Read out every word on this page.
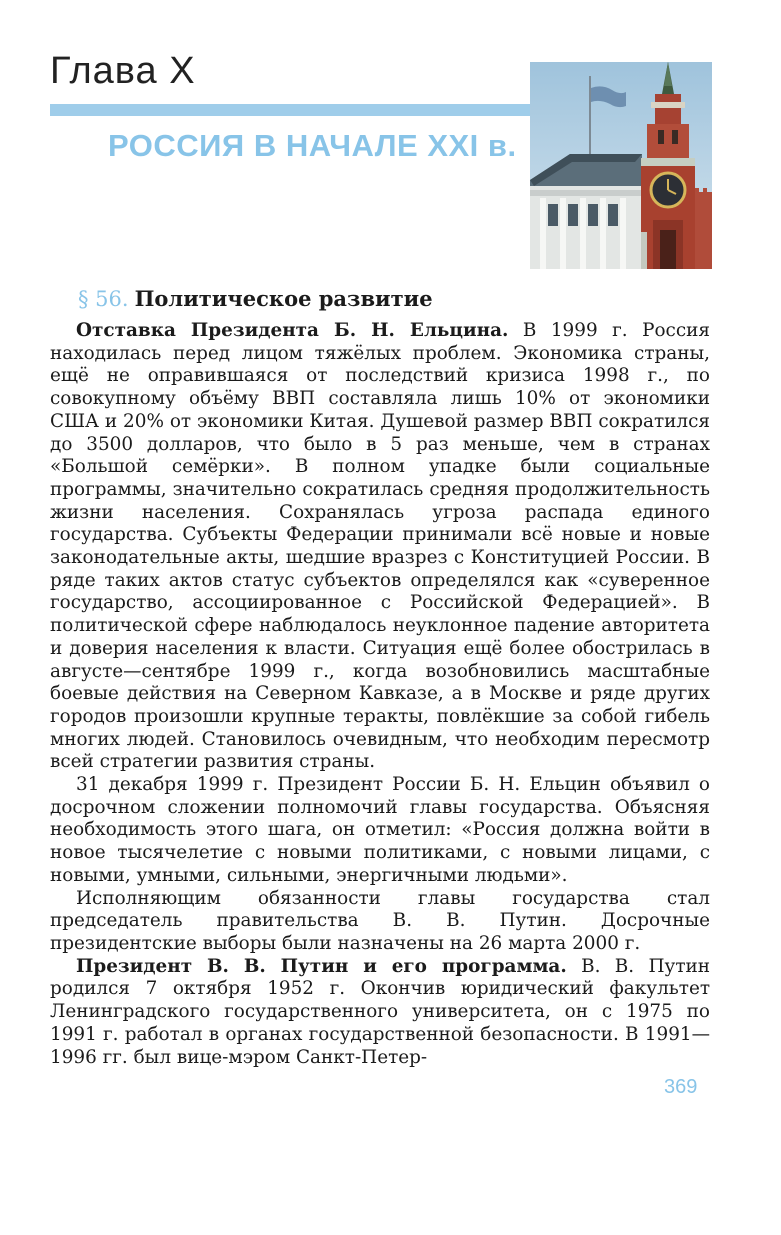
Глава X
РОССИЯ В НАЧАЛЕ XXI в.
§ 56. Политическое развитие

Отставка Президента Б. Н. Ельцина. В 1999 г. Россия находилась перед лицом тяжёлых проблем. Экономика страны, ещё не оправившаяся от последствий кризиса 1998 г., по совокупному объёму ВВП составляла лишь 10% от экономики США и 20% от экономики Китая. Душевой размер ВВП сократился до 3500 долларов, что было в 5 раз меньше, чем в странах «Большой семёрки». В полном упадке были социальные программы, значительно сократилась средняя продолжительность жизни населения. Сохранялась угроза распада единого государства. Субъекты Федерации принимали всё новые и новые законодательные акты, шедшие вразрез с Конституцией России. В ряде таких актов статус субъектов определялся как «суверенное государство, ассоциированное с Российской Федерацией». В политической сфере наблюдалось неуклонное падение авторитета и доверия населения к власти. Ситуация ещё более обострилась в августе—сентябре 1999 г., когда возобновились масштабные боевые действия на Северном Кавказе, а в Москве и ряде других городов произошли крупные теракты, повлёкшие за собой гибель многих людей. Становилось очевидным, что необходим пересмотр всей стратегии развития страны.

31 декабря 1999 г. Президент России Б. Н. Ельцин объявил о досрочном сложении полномочий главы государства. Объясняя необходимость этого шага, он отметил: «Россия должна войти в новое тысячелетие с новыми политиками, с новыми лицами, с новыми, умными, сильными, энергичными людьми».

Исполняющим обязанности главы государства стал председатель правительства В. В. Путин. Досрочные президентские выборы были назначены на 26 марта 2000 г.

Президент В. В. Путин и его программа. В. В. Путин родился 7 октября 1952 г. Окончив юридический факультет Ленинградского государственного университета, он с 1975 по 1991 г. работал в органах государственной безопасности. В 1991—1996 гг. был вице-мэром Санкт-Петер-

369
